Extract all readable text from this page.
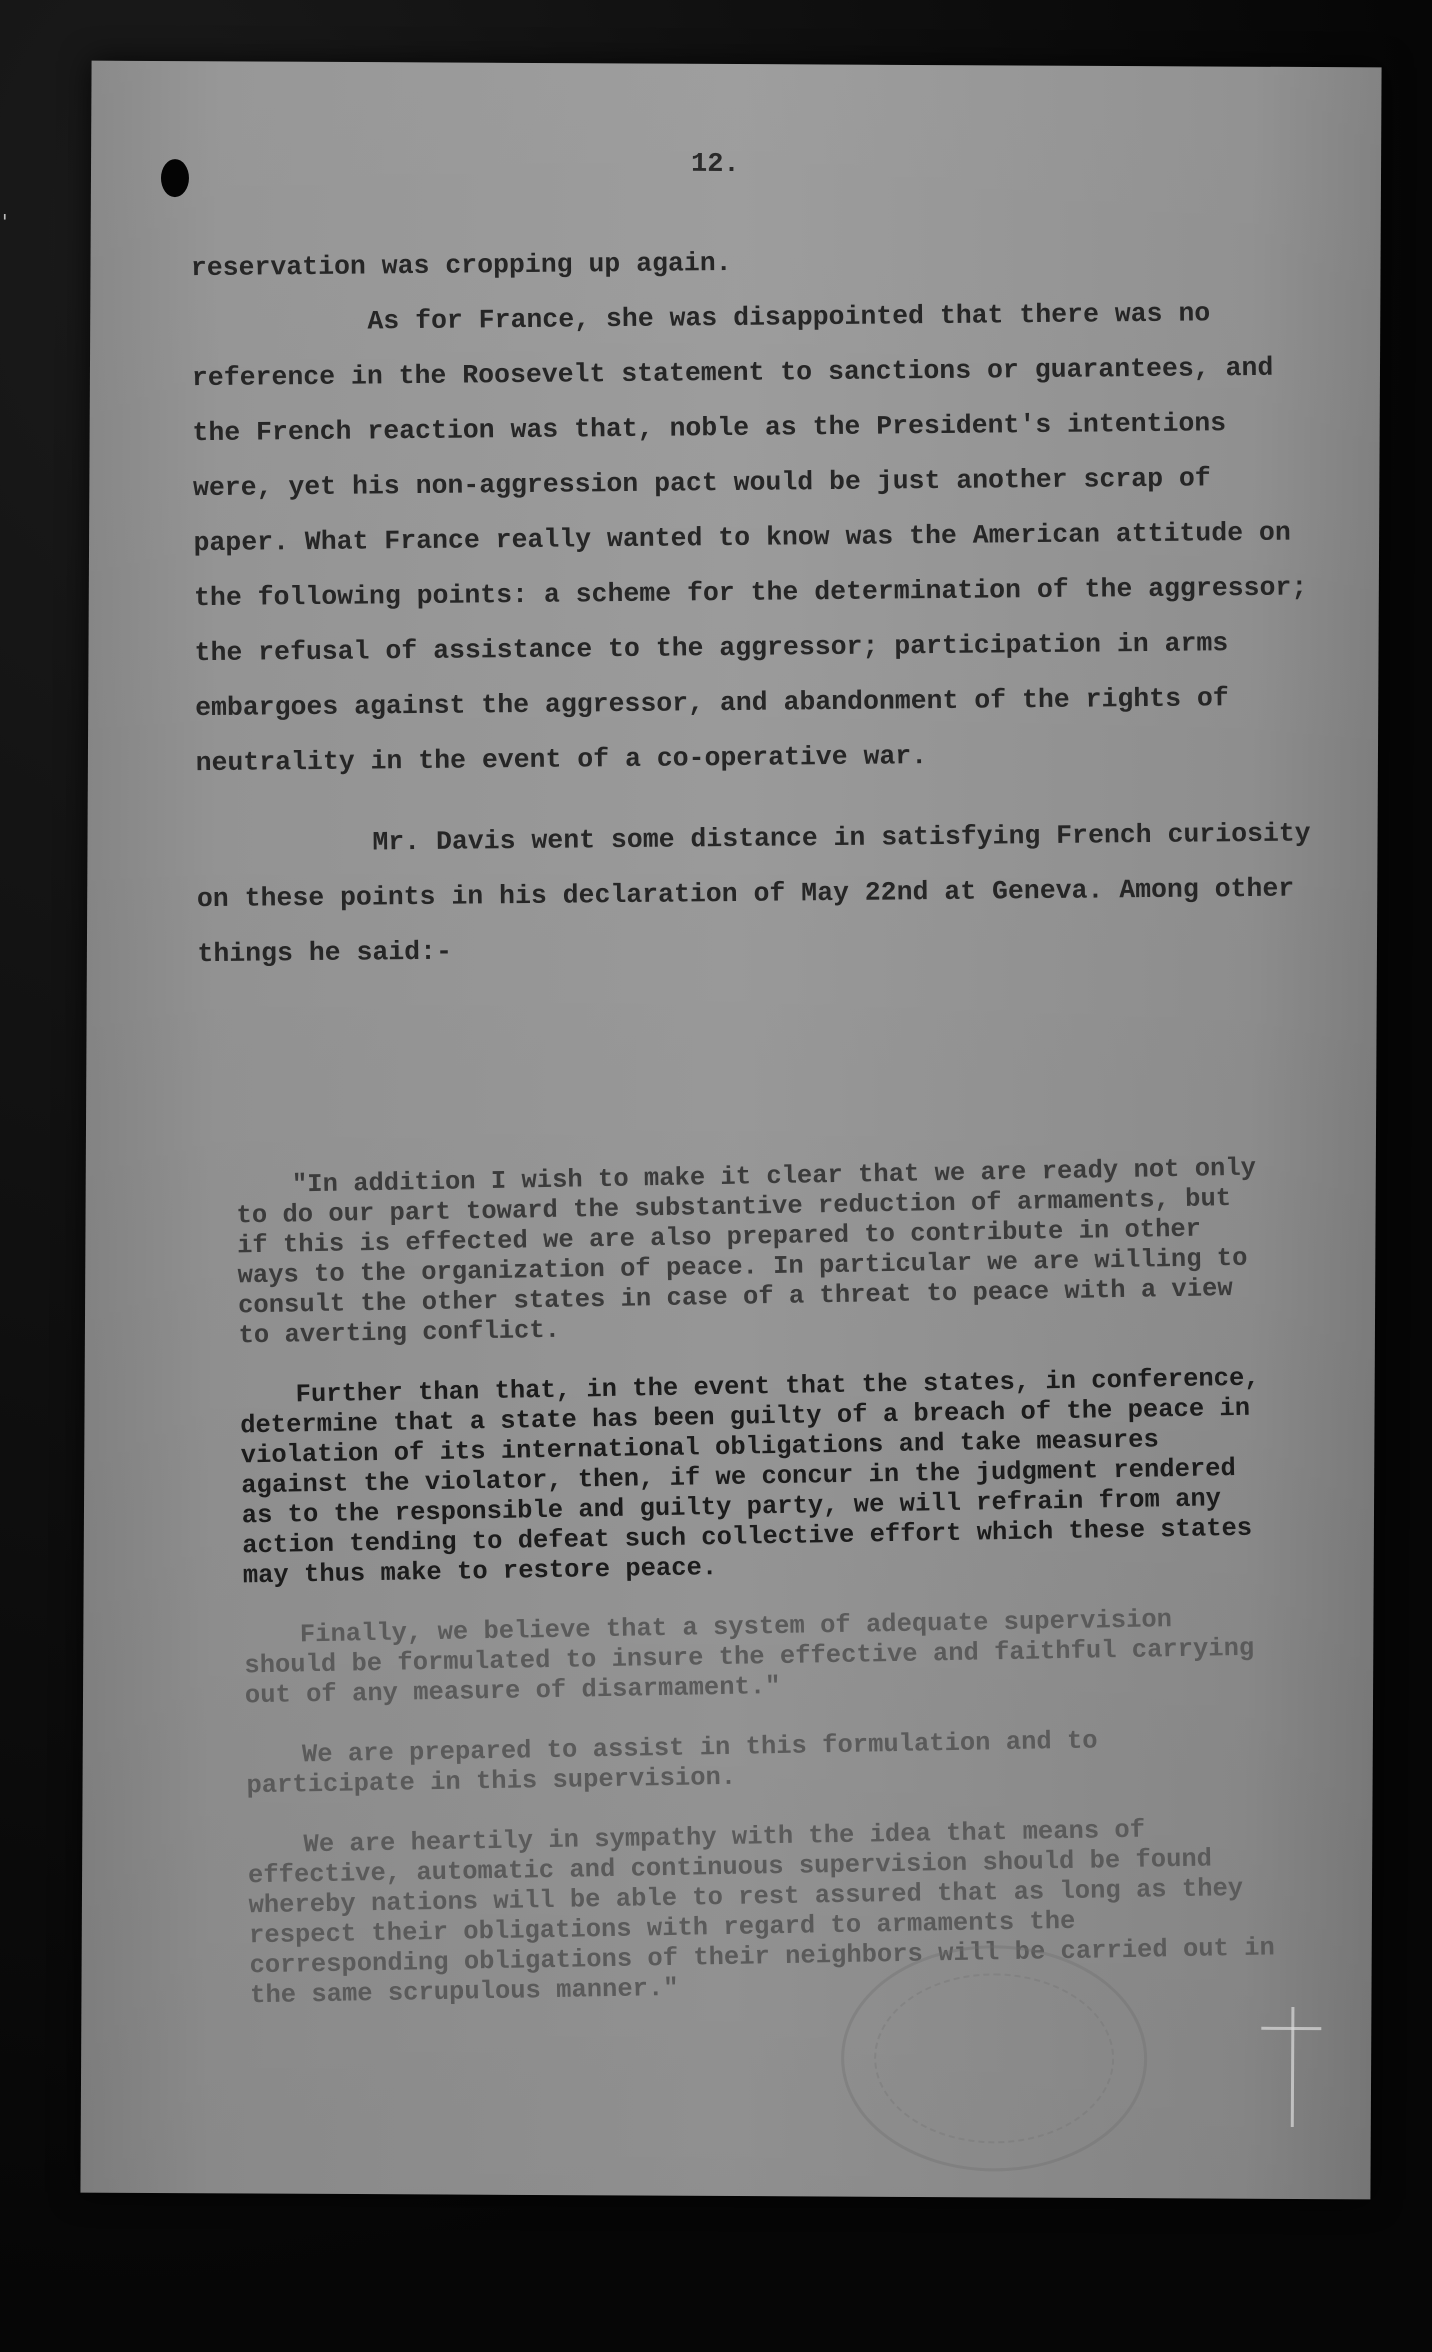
'
12.

reservation was cropping up again.

As for France, she was disappointed that there was no reference in the Roosevelt statement to sanctions or guarantees, and the French reaction was that, noble as the President's intentions were, yet his non-aggression pact would be just another scrap of paper. What France really wanted to know was the American attitude on the following points: a scheme for the determination of the aggressor; the refusal of assistance to the aggressor; participation in arms embargoes against the aggressor, and abandonment of the rights of neutrality in the event of a co-operative war.

Mr. Davis went some distance in satisfying French curiosity on these points in his declaration of May 22nd at Geneva. Among other things he said:-

"In addition I wish to make it clear that we are ready not only to do our part toward the substantive reduction of armaments, but if this is effected we are also prepared to contribute in other ways to the organization of peace. In particular we are willing to consult the other states in case of a threat to peace with a view to averting conflict.

Further than that, in the event that the states, in conference, determine that a state has been guilty of a breach of the peace in violation of its international obligations and take measures against the violator, then, if we concur in the judgment rendered as to the responsible and guilty party, we will refrain from any action tending to defeat such collective effort which these states may thus make to restore peace.

Finally, we believe that a system of adequate supervision should be formulated to insure the effective and faithful carrying out of any measure of disarmament."

We are prepared to assist in this formulation and to participate in this supervision.

We are heartily in sympathy with the idea that means of effective, automatic and continuous supervision should be found whereby nations will be able to rest assured that as long as they respect their obligations with regard to armaments the corresponding obligations of their neighbors will be carried out in the same scrupulous manner."
